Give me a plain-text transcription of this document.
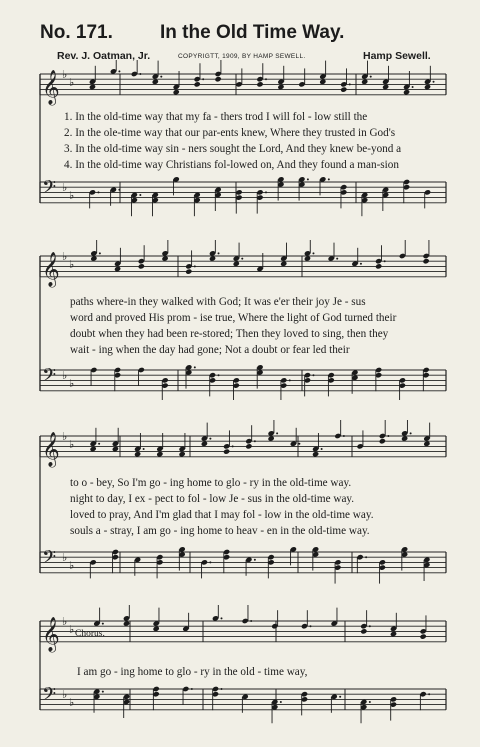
No. 171. In the Old Time Way.
Rev. J. Oatman, Jr.	COPYRIGTT, 1909, BY HAMP SEWELL.	Hamp Sewell.
𝄞 ♭
♭
𝄢 ♭
♭
1. In the old-time way that my fa - thers trod I will fol - low still the
2. In the ole-time way that our par-ents knew, Where they trusted in God's
3. In the old-time way sin - ners sought the Lord, And they knew be-yond a
4. In the old-time way Christians fol-lowed on, And they found a man-sion
𝄞 ♭
♭
𝄢 ♭
♭
paths where-in they walked with God; It was e'er their joy Je - sus
word and proved His prom - ise true, Where the light of God turned their
doubt when they had been re-stored; Then they loved to sing, then they
wait - ing when the day had gone; Not a doubt or fear led their
𝄞 ♭
♭
𝄢 ♭
♭
to o - bey, So I'm go - ing home to glo - ry in the old-time way.
night to day, I ex - pect to fol - low Je - sus in the old-time way.
loved to pray, And I'm glad that I may fol - low in the old-time way.
souls a - stray, I am go - ing home to heav - en in the old-time way.
Chorus.
𝄞 ♭
♭
𝄢 ♭
♭
I am go - ing home to glo - ry in the old - time way,
